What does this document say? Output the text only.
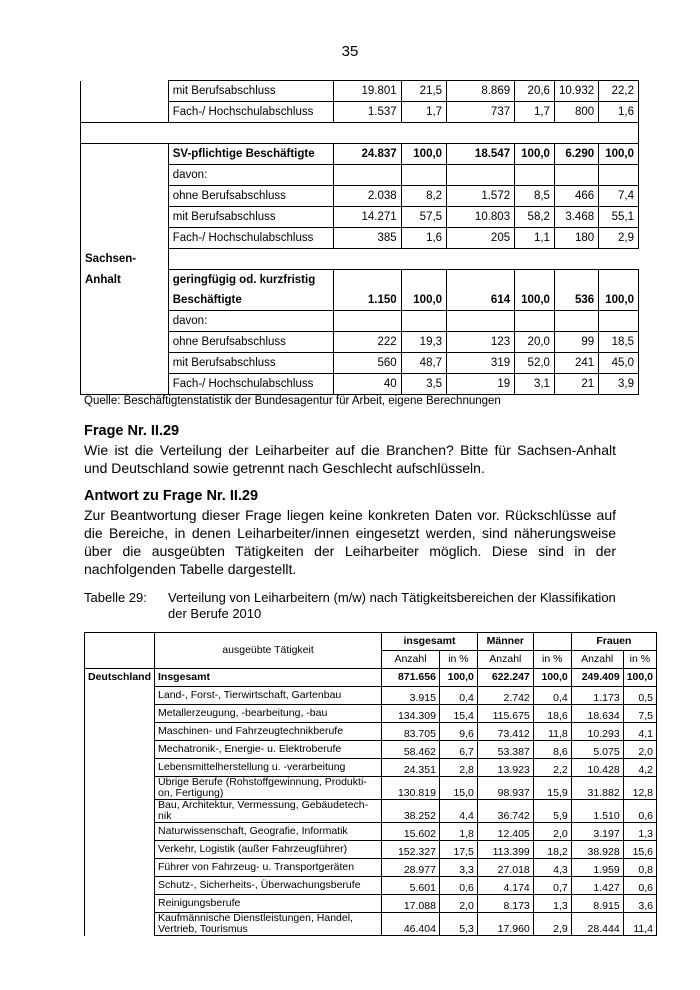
35
	mit Berufsabschluss	19.801	21,5	8.869	20,6	10.932	22,2
	Fach-/ Hochschulabschluss	1.537	1,7	737	1,7	800	1,6

	SV-pflichtige Beschäftigte	24.837	100,0	18.547	100,0	6.290	100,0
	davon:						
	ohne Berufsabschluss	2.038	8,2	1.572	8,5	466	7,4
	mit Berufsabschluss	14.271	57,5	10.803	58,2	3.468	55,1
	Fach-/ Hochschulabschluss	385	1,6	205	1,1	180	2,9
Sachsen-							
Anhalt	geringfügig od. kurzfristig						
	Beschäftigte	1.150	100,0	614	100,0	536	100,0
	davon:						
	ohne Berufsabschluss	222	19,3	123	20,0	99	18,5
	mit Berufsabschluss	560	48,7	319	52,0	241	45,0
	Fach-/ Hochschulabschluss	40	3,5	19	3,1	21	3,9
Quelle: Beschäftigtenstatistik der Bundesagentur für Arbeit, eigene Berechnungen
Frage Nr. II.29
Wie ist die Verteilung der Leiharbeiter auf die Branchen? Bitte für Sachsen-Anhalt und Deutschland sowie getrennt nach Geschlecht aufschlüsseln.
Antwort zu Frage Nr. II.29
Zur Beantwortung dieser Frage liegen keine konkreten Daten vor. Rückschlüsse auf die Bereiche, in denen Leiharbeiter/innen eingesetzt werden, sind näherungsweise über die ausgeübten Tätigkeiten der Leiharbeiter möglich. Diese sind in der nachfolgenden Tabelle dargestellt.
Tabelle 29: Verteilung von Leiharbeitern (m/w) nach Tätigkeitsbereichen der Klassifikation der Berufe 2010
	ausgeübte Tätigkeit	insgesamt		Männer		Frauen	
		Anzahl	in %	Anzahl	in %	Anzahl	in %
Deutschland	Insgesamt	871.656	100,0	622.247	100,0	249.409	100,0
	Land-, Forst-, Tierwirtschaft, Gartenbau	3.915	0,4	2.742	0,4	1.173	0,5
	Metallerzeugung, -bearbeitung, -bau	134.309	15,4	115.675	18,6	18.634	7,5
	Maschinen- und Fahrzeugtechnikberufe	83.705	9,6	73.412	11,8	10.293	4,1
	Mechatronik-, Energie- u. Elektroberufe	58.462	6,7	53.387	8,6	5.075	2,0
	Lebensmittelherstellung u. -verarbeitung	24.351	2,8	13.923	2,2	10.428	4,2

	Übrige Berufe (Rohstoffgewinnung, Produkti-
on, Fertigung)	130.819	15,0	98.937	15,9	31.882	12,8

	Bau, Architektur, Vermessung, Gebäudetech-
nik	38.252	4,4	36.742	5,9	1.510	0,6
	Naturwissenschaft, Geografie, Informatik	15.602	1,8	12.405	2,0	3.197	1,3
	Verkehr, Logistik (außer Fahrzeugführer)	152.327	17,5	113.399	18,2	38.928	15,6
	Führer von Fahrzeug- u. Transportgeräten	28.977	3,3	27.018	4,3	1.959	0,8
	Schutz-, Sicherheits-, Überwachungsberufe	5.601	0,6	4.174	0,7	1.427	0,6
	Reinigungsberufe	17.088	2,0	8.173	1,3	8.915	3,6

	Kaufmännische Dienstleistungen, Handel,
Vertrieb, Tourismus	46.404	5,3	17.960	2,9	28.444	11,4
